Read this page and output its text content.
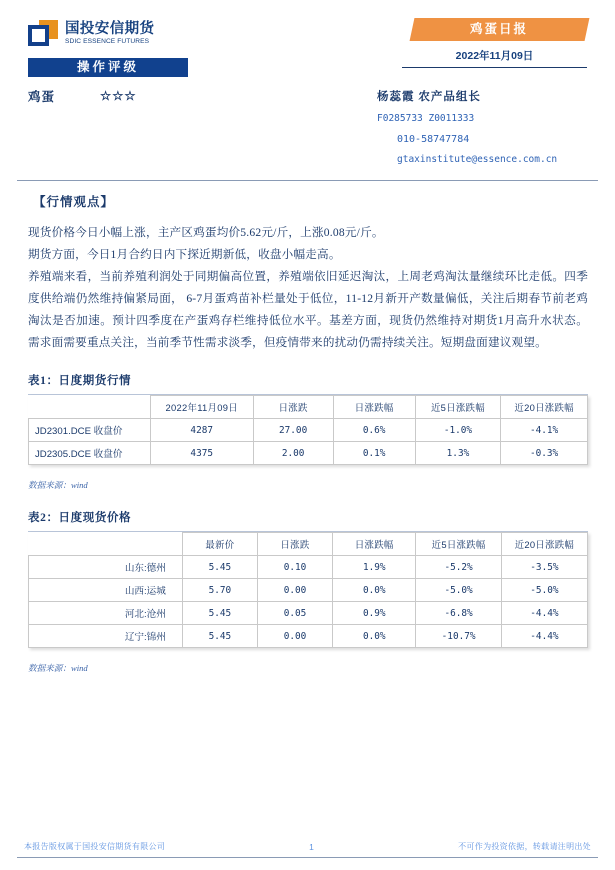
国投安信期货
SDIC ESSENCE FUTURES
操作评级
鸡蛋	☆☆☆
鸡蛋日报
2022年11月09日
杨蕊霞 农产品组长
F0285733 Z0011333
010-58747784
gtaxinstitute@essence.com.cn
【行情观点】

现货价格今日小幅上涨，主产区鸡蛋均价5.62元/斤，上涨0.08元/斤。

期货方面，今日1月合约日内下探近期新低，收盘小幅走高。

养殖端来看，当前养殖利润处于同期偏高位置，养殖端依旧延迟淘汰，上周老鸡淘汰量继续环比走低。四季度供给端仍然维持偏紧局面， 6-7月蛋鸡苗补栏量处于低位，11-12月新开产数量偏低，关注后期春节前老鸡淘汰是否加速。预计四季度在产蛋鸡存栏维持低位水平。基差方面，现货仍然维持对期货1月高升水状态。需求面需要重点关注，当前季节性需求淡季，但疫情带来的扰动仍需持续关注。短期盘面建议观望。

表1：日度期货行情
	2022年11月09日	日涨跌	日涨跌幅	近5日涨跌幅	近20日涨跌幅
JD2301.DCE 收盘价	4287	27.00	0.6%	-1.0%	-4.1%
JD2305.DCE 收盘价	4375	2.00	0.1%	1.3%	-0.3%
数据来源：wind
表2：日度现货价格
	最新价	日涨跌	日涨跌幅	近5日涨跌幅	近20日涨跌幅
山东:德州	5.45	0.10	1.9%	-5.2%	-3.5%
山西:运城	5.70	0.00	0.0%	-5.0%	-5.0%
河北:沧州	5.45	0.05	0.9%	-6.8%	-4.4%
辽宁:锦州	5.45	0.00	0.0%	-10.7%	-4.4%
数据来源：wind
本报告版权属于国投安信期货有限公司	1	不可作为投资依据，转载请注明出处
